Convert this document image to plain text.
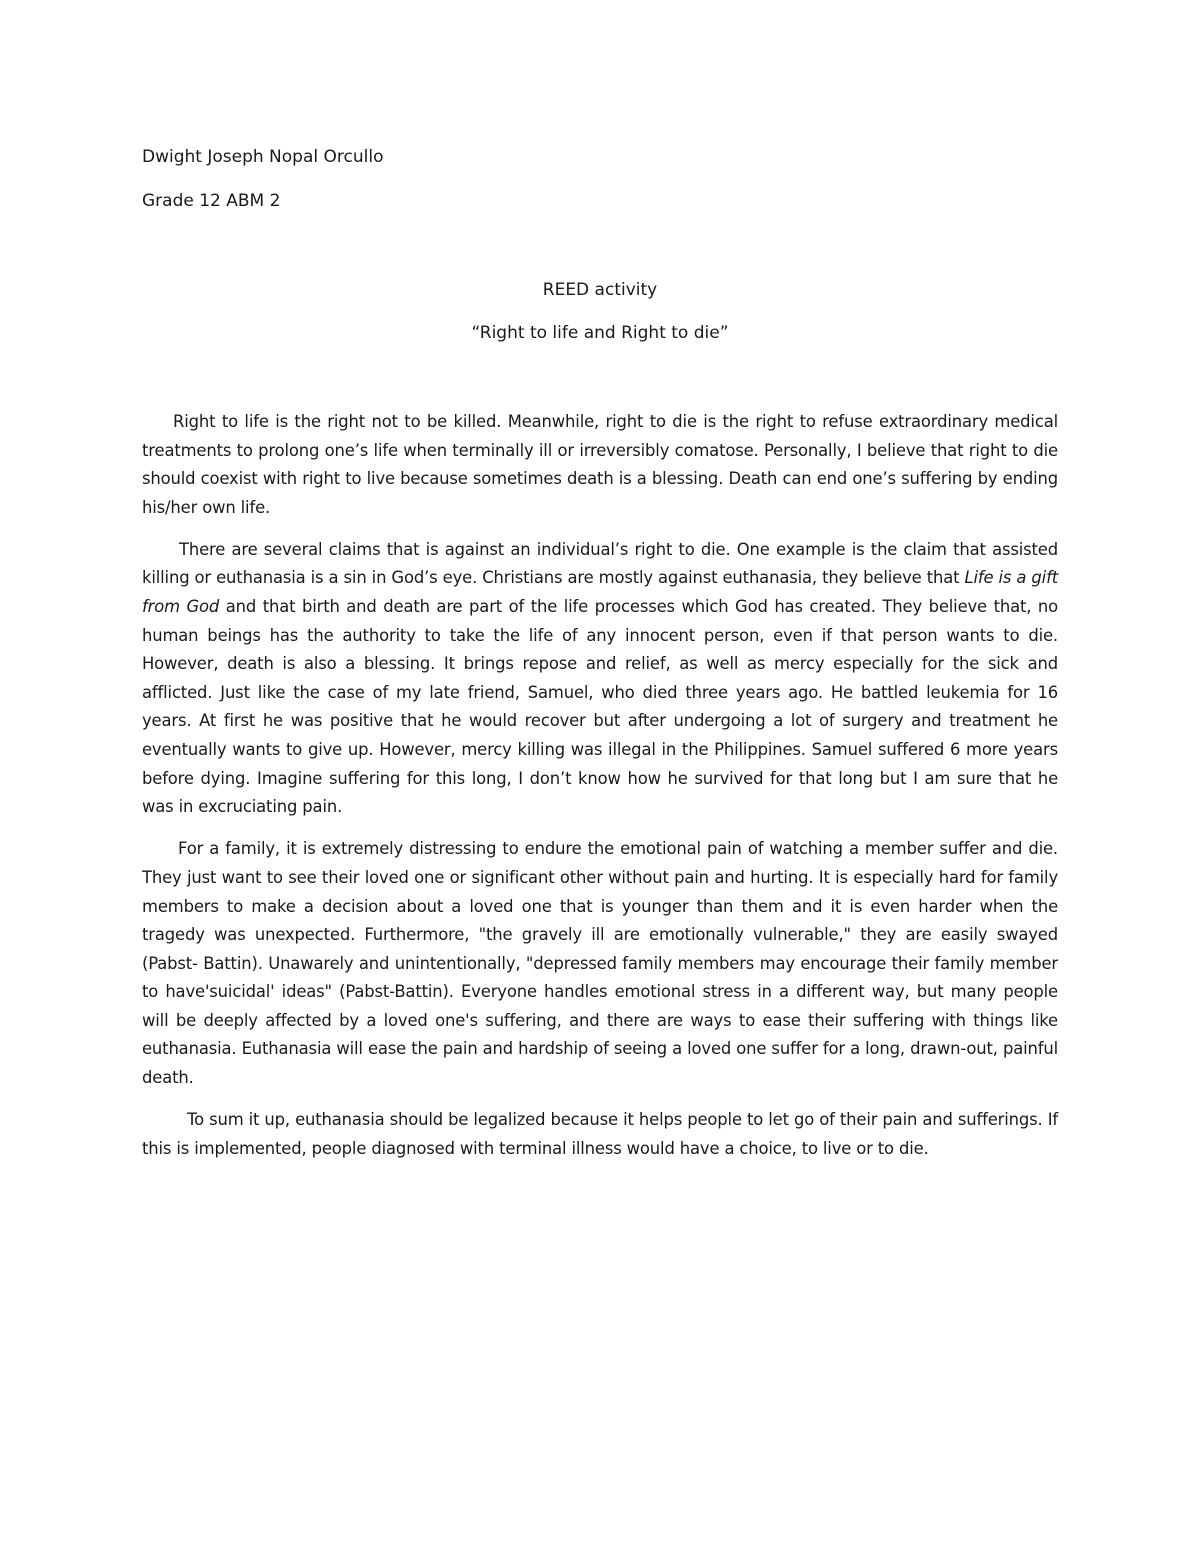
Dwight Joseph Nopal Orcullo
Grade 12 ABM 2
REED activity
“Right to life and Right to die”

Right to life is the right not to be killed. Meanwhile, right to die is the right to refuse extraordinary medical treatments to prolong one’s life when terminally ill or irreversibly comatose. Personally, I believe that right to die should coexist with right to live because sometimes death is a blessing. Death can end one’s suffering by ending his/her own life.

There are several claims that is against an individual’s right to die. One example is the claim that assisted killing or euthanasia is a sin in God’s eye. Christians are mostly against euthanasia, they believe that Life is a gift from God and that birth and death are part of the life processes which God has created. They believe that, no human beings has the authority to take the life of any innocent person, even if that person wants to die. However, death is also a blessing. It brings repose and relief, as well as mercy especially for the sick and afflicted. Just like the case of my late friend, Samuel, who died three years ago. He battled leukemia for 16 years. At first he was positive that he would recover but after undergoing a lot of surgery and treatment he eventually wants to give up. However, mercy killing was illegal in the Philippines. Samuel suffered 6 more years before dying. Imagine suffering for this long, I don’t know how he survived for that long but I am sure that he was in excruciating pain.

For a family, it is extremely distressing to endure the emotional pain of watching a member suffer and die. They just want to see their loved one or significant other without pain and hurting. It is especially hard for family members to make a decision about a loved one that is younger than them and it is even harder when the tragedy was unexpected. Furthermore, "the gravely ill are emotionally vulnerable," they are easily swayed (Pabst- Battin). Unawarely and unintentionally, "depressed family members may encourage their family member to have'suicidal' ideas" (Pabst-Battin). Everyone handles emotional stress in a different way, but many people will be deeply affected by a loved one's suffering, and there are ways to ease their suffering with things like euthanasia. Euthanasia will ease the pain and hardship of seeing a loved one suffer for a long, drawn-out, painful death.

To sum it up, euthanasia should be legalized because it helps people to let go of their pain and sufferings. If this is implemented, people diagnosed with terminal illness would have a choice, to live or to die.
